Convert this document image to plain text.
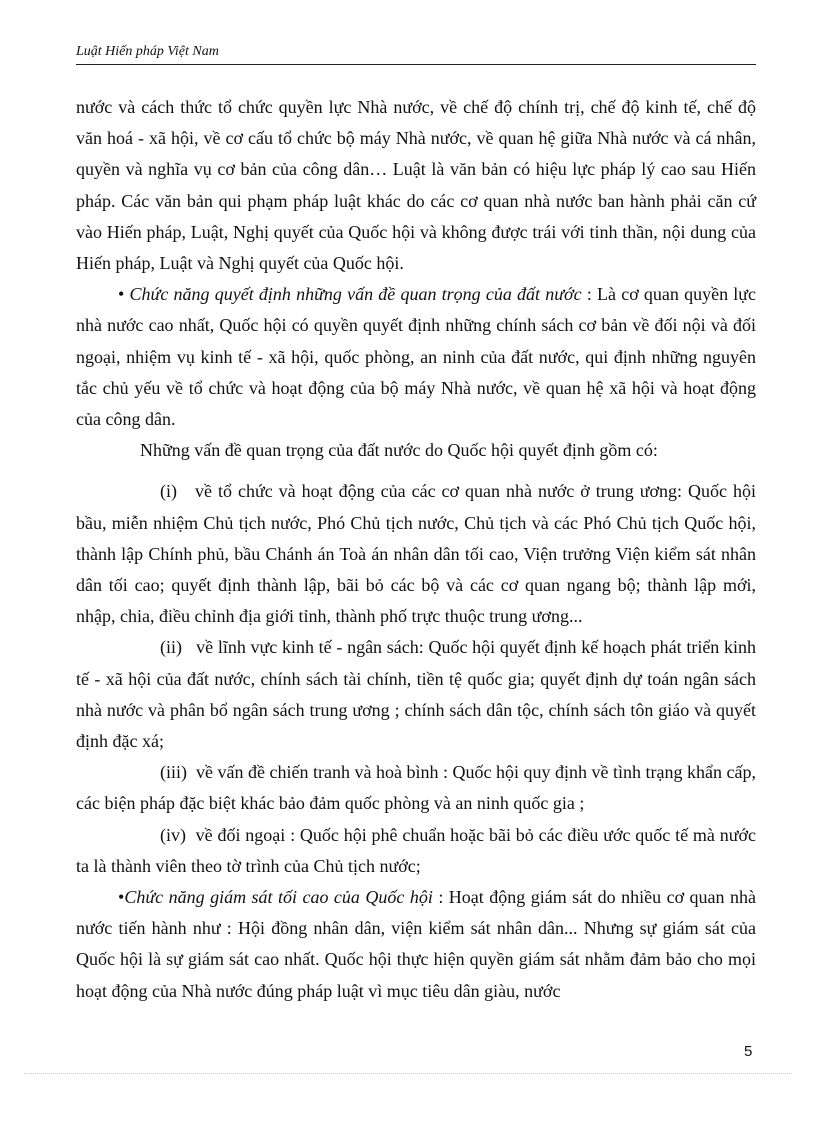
Luật Hiến pháp Việt Nam

nước và cách thức tổ chức quyền lực Nhà nước, về chế độ chính trị, chế độ kinh tế, chế độ văn hoá - xã hội, về cơ cấu tổ chức bộ máy Nhà nước, về quan hệ giữa Nhà nước và cá nhân, quyền và nghĩa vụ cơ bản của công dân… Luật là văn bản có hiệu lực pháp lý cao sau Hiến pháp. Các văn bản qui phạm pháp luật khác do các cơ quan nhà nước ban hành phải căn cứ vào Hiến pháp, Luật, Nghị quyết của Quốc hội và không được trái với tinh thần, nội dung của Hiến pháp, Luật và Nghị quyết của Quốc hội.

• Chức năng quyết định những vấn đề quan trọng của đất nước : Là cơ quan quyền lực nhà nước cao nhất, Quốc hội có quyền quyết định những chính sách cơ bản về đối nội và đối ngoại, nhiệm vụ kinh tế - xã hội, quốc phòng, an ninh của đất nước, qui định những nguyên tắc chủ yếu về tổ chức và hoạt động của bộ máy Nhà nước, về quan hệ xã hội và hoạt động của công dân.

Những vấn đề quan trọng của đất nước do Quốc hội quyết định gồm có:

(i) về tổ chức và hoạt động của các cơ quan nhà nước ở trung ương: Quốc hội bầu, miễn nhiệm Chủ tịch nước, Phó Chủ tịch nước, Chủ tịch và các Phó Chủ tịch Quốc hội, thành lập Chính phủ, bầu Chánh án Toà án nhân dân tối cao, Viện trưởng Viện kiểm sát nhân dân tối cao; quyết định thành lập, bãi bỏ các bộ và các cơ quan ngang bộ; thành lập mới, nhập, chia, điều chỉnh địa giới tỉnh, thành phố trực thuộc trung ương...

(ii) về lĩnh vực kinh tế - ngân sách: Quốc hội quyết định kế hoạch phát triển kinh tế - xã hội của đất nước, chính sách tài chính, tiền tệ quốc gia; quyết định dự toán ngân sách nhà nước và phân bổ ngân sách trung ương ; chính sách dân tộc, chính sách tôn giáo và quyết định đặc xá;

(iii) về vấn đề chiến tranh và hoà bình : Quốc hội quy định về tình trạng khẩn cấp, các biện pháp đặc biệt khác bảo đảm quốc phòng và an ninh quốc gia ;

(iv) về đối ngoại : Quốc hội phê chuẩn hoặc bãi bỏ các điều ước quốc tế mà nước ta là thành viên theo tờ trình của Chủ tịch nước;

•Chức năng giám sát tối cao của Quốc hội : Hoạt động giám sát do nhiều cơ quan nhà nước tiến hành như : Hội đồng nhân dân, viện kiểm sát nhân dân... Nhưng sự giám sát của Quốc hội là sự giám sát cao nhất. Quốc hội thực hiện quyền giám sát nhằm đảm bảo cho mọi hoạt động của Nhà nước đúng pháp luật vì mục tiêu dân giàu, nước

5
